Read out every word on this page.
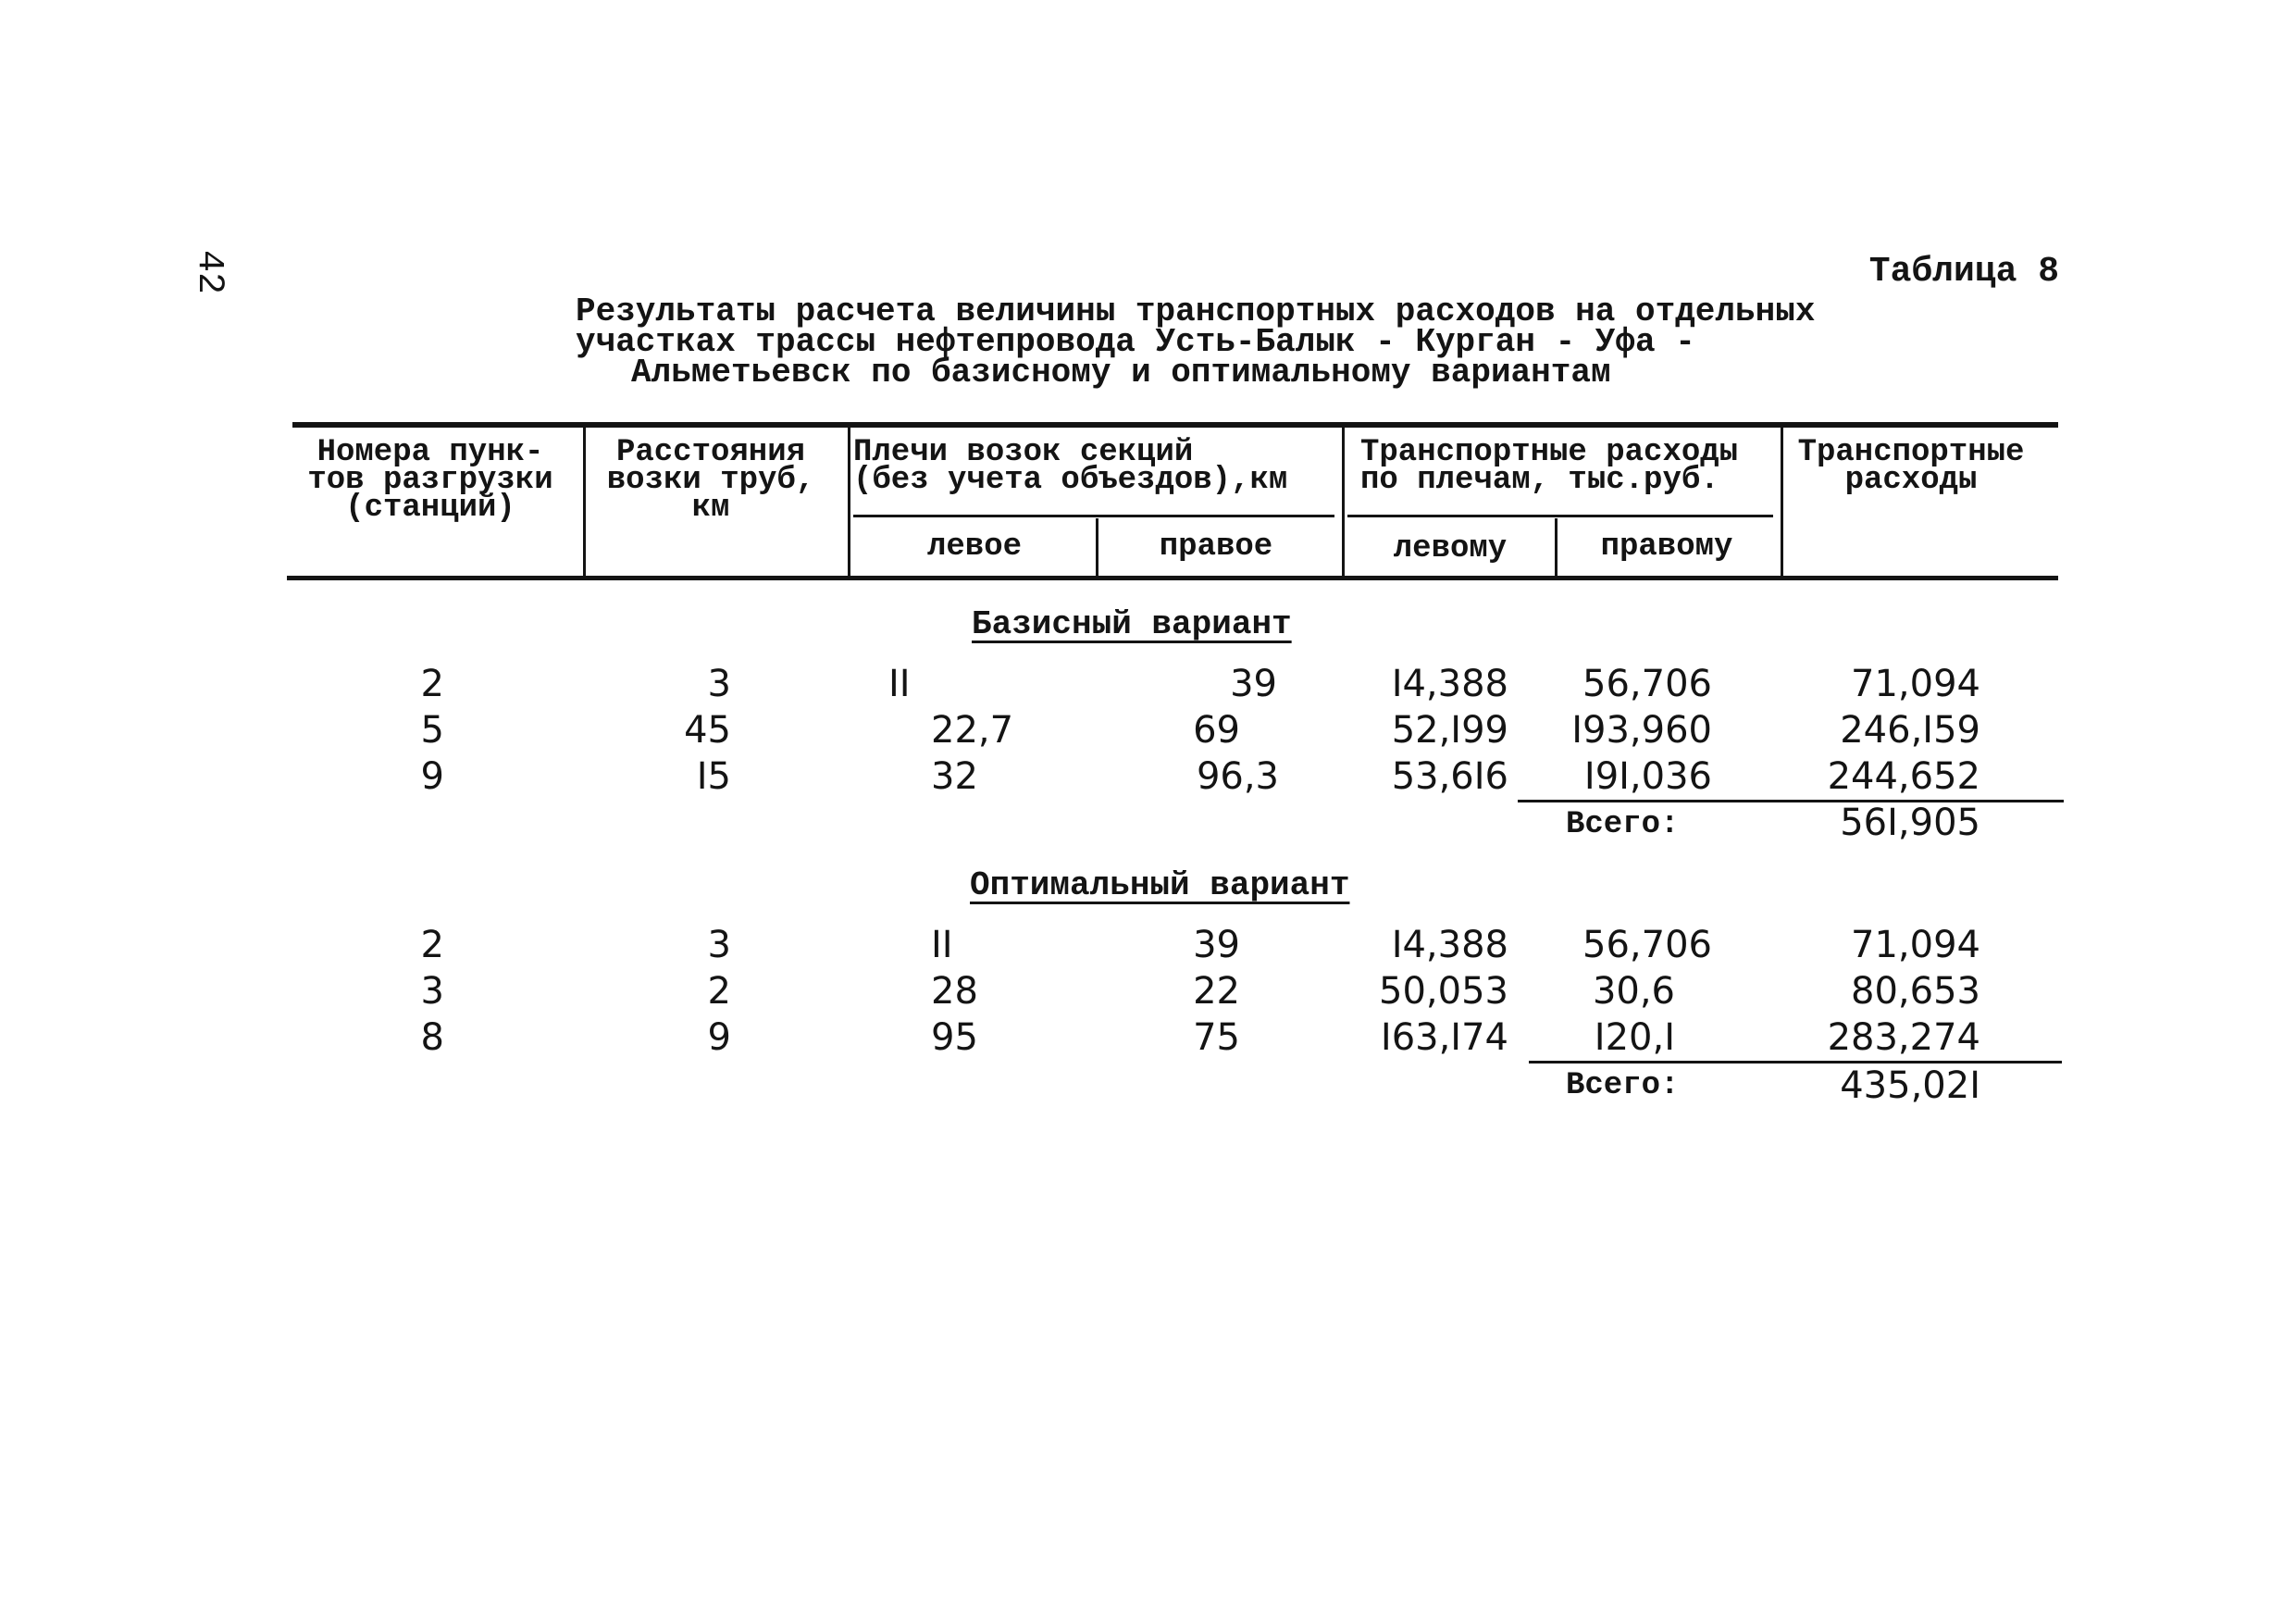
42	Таблица 8
Результаты расчета величины транспортных расходов на отдельных
участках трассы нефтепровода Усть-Балык - Курган - Уфа -
Альметьевск по базисному и оптимальному вариантам
Номера пунк-
тов разгрузки
(станций)
Расстояния
возки труб,
км
Плечи возок секций
(без учета объездов),км
левое	правое
Транспортные расходы
по плечам, тыс.руб.
левому	правому
Транспортные
расходы
Базисный вариант
2	3	II	39	I4,388	56,706	71,094
5	45	22,7	69	52,I99	I93,960	246,I59
9	I5	32	96,3	53,6I6	I9I,036	244,652
Всего:	56I,905
Оптимальный вариант
2	3	II	39	I4,388	56,706	71,094
3	2	28	22	50,053	30,6	80,653
8	9	95	75	I63,I74	I20,I	283,274
Всего:	435,02I
